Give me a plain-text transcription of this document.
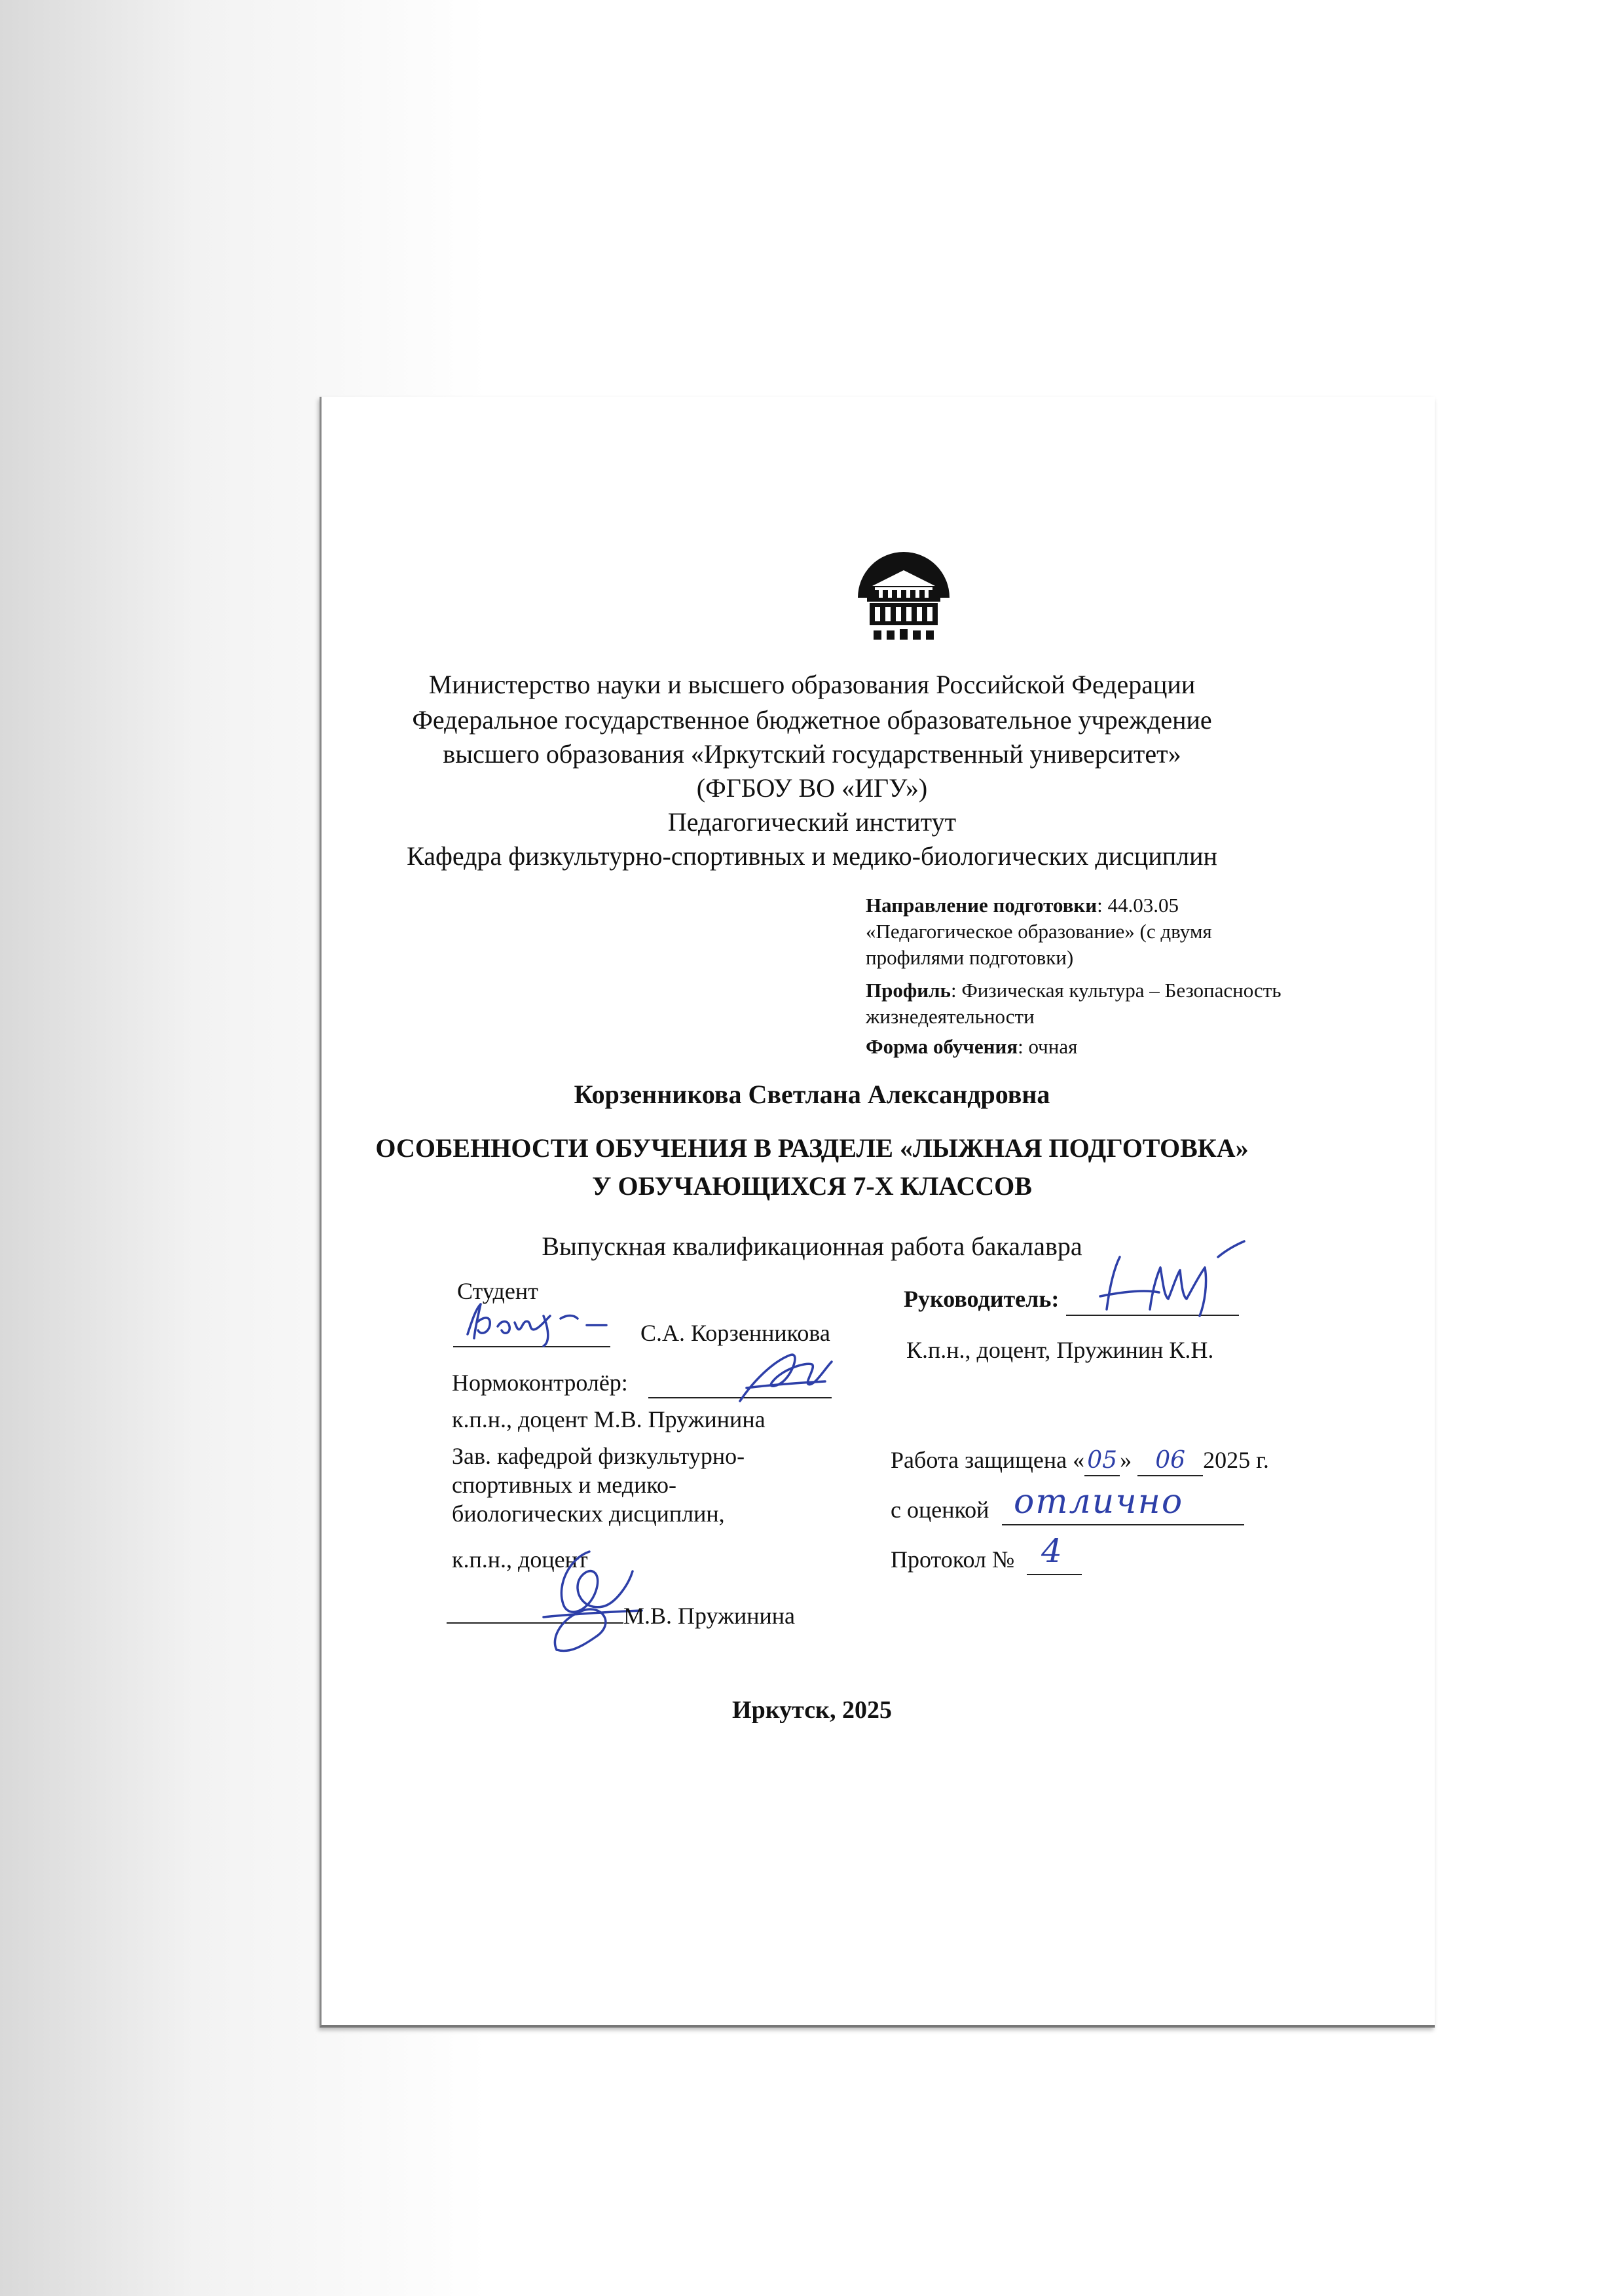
Министерство науки и высшего образования Российской Федерации
Федеральное государственное бюджетное образовательное учреждение
высшего образования «Иркутский государственный университет»
(ФГБОУ ВО «ИГУ»)
Педагогический институт
Кафедра физкультурно-спортивных и медико-биологических дисциплин
Направление подготовки: 44.03.05
«Педагогическое образование» (с двумя
профилями подготовки)
Профиль: Физическая культура – Безопасность
жизнедеятельности
Форма обучения: очная
Корзенникова Светлана Александровна
ОСОБЕННОСТИ ОБУЧЕНИЯ В РАЗДЕЛЕ «ЛЫЖНАЯ ПОДГОТОВКА»
У ОБУЧАЮЩИХСЯ 7-Х КЛАССОВ
Выпускная квалификационная работа бакалавра
Студент
С.А. Корзенникова
Нормоконтролёр:
к.п.н., доцент М.В. Пружинина
Зав. кафедрой физкультурно-
спортивных и медико-
биологических дисциплин,
к.п.н., доцент
М.В. Пружинина
Руководитель:
К.п.н., доцент, Пружинин К.Н.
Работа защищена « 05 » 06 2025 г.
с оценкой отлично
Протокол № 4
Иркутск, 2025
